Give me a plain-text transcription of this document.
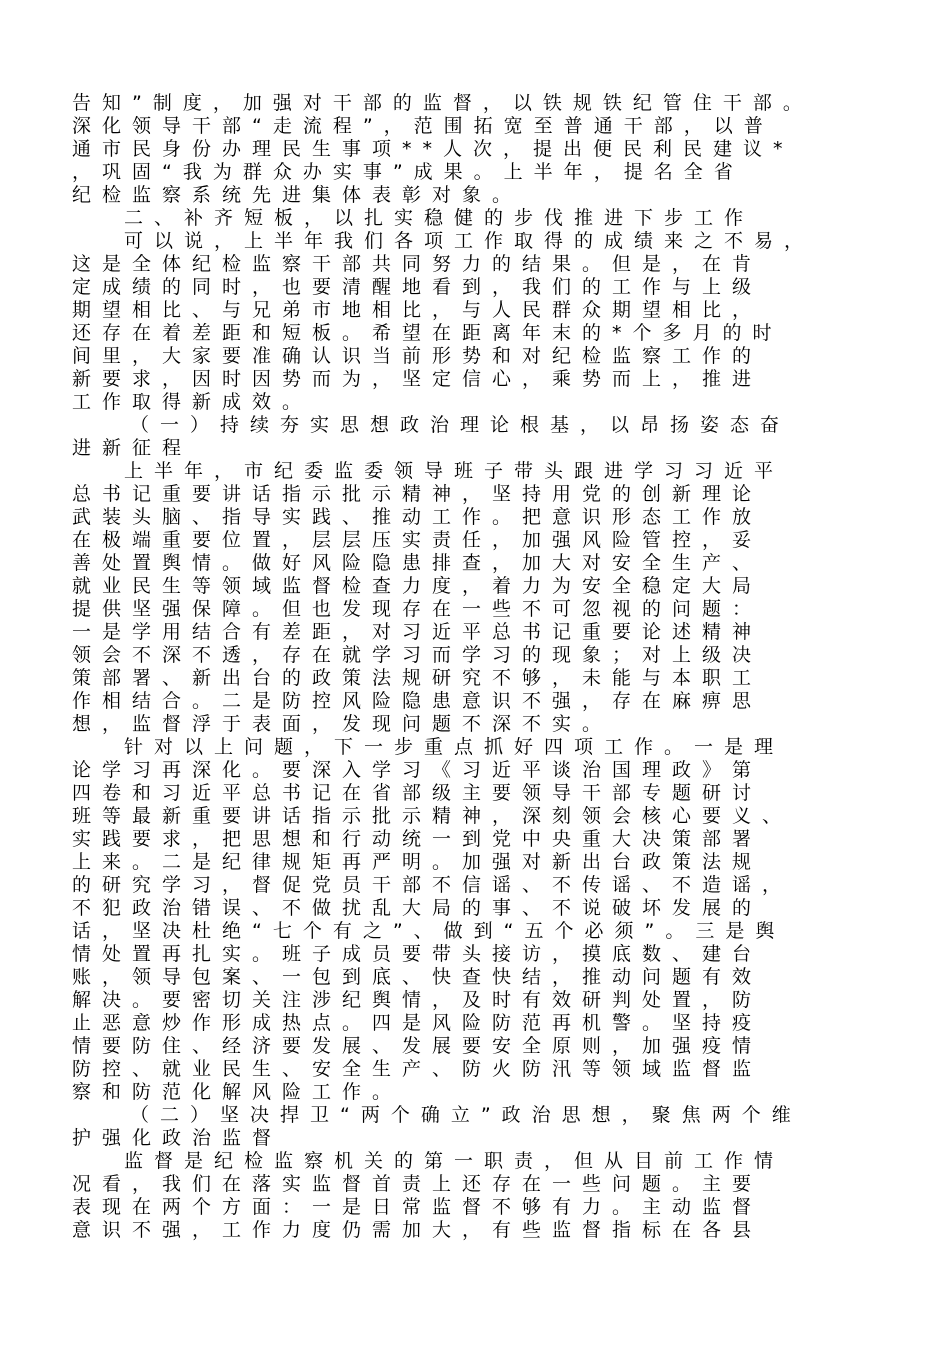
告知”制度，加强对干部的监督，以铁规铁纪管住干部。
深化领导干部“走流程”，范围拓宽至普通干部，以普
通市民身份办理民生事项**人次，提出便民利民建议*
，巩固“我为群众办实事”成果。上半年，提名全省
纪检监察系统先进集体表彰对象。
二、补齐短板，以扎实稳健的步伐推进下步工作
可以说，上半年我们各项工作取得的成绩来之不易，
这是全体纪检监察干部共同努力的结果。但是，在肯
定成绩的同时，也要清醒地看到，我们的工作与上级
期望相比、与兄弟市地相比，与人民群众期望相比，
还存在着差距和短板。希望在距离年末的*个多月的时
间里，大家要准确认识当前形势和对纪检监察工作的
新要求，因时因势而为，坚定信心，乘势而上，推进
工作取得新成效。
（一）持续夯实思想政治理论根基，以昂扬姿态奋
进新征程
上半年，市纪委监委领导班子带头跟进学习习近平
总书记重要讲话指示批示精神，坚持用党的创新理论
武装头脑、指导实践、推动工作。把意识形态工作放
在极端重要位置，层层压实责任，加强风险管控，妥
善处置舆情。做好风险隐患排查，加大对安全生产、
就业民生等领域监督检查力度，着力为安全稳定大局
提供坚强保障。但也发现存在一些不可忽视的问题：
一是学用结合有差距，对习近平总书记重要论述精神
领会不深不透，存在就学习而学习的现象；对上级决
策部署、新出台的政策法规研究不够，未能与本职工
作相结合。二是防控风险隐患意识不强，存在麻痹思
想，监督浮于表面，发现问题不深不实。
针对以上问题，下一步重点抓好四项工作。一是理
论学习再深化。要深入学习《习近平谈治国理政》第
四卷和习近平总书记在省部级主要领导干部专题研讨
班等最新重要讲话指示批示精神，深刻领会核心要义、
实践要求，把思想和行动统一到党中央重大决策部署
上来。二是纪律规矩再严明。加强对新出台政策法规
的研究学习，督促党员干部不信谣、不传谣、不造谣，
不犯政治错误、不做扰乱大局的事、不说破坏发展的
话，坚决杜绝“七个有之”、做到“五个必须”。三是舆
情处置再扎实。班子成员要带头接访，摸底数、建台
账，领导包案、一包到底、快查快结，推动问题有效
解决。要密切关注涉纪舆情，及时有效研判处置，防
止恶意炒作形成热点。四是风险防范再机警。坚持疫
情要防住、经济要发展、发展要安全原则，加强疫情
防控、就业民生、安全生产、防火防汛等领域监督监
察和防范化解风险工作。
（二）坚决捍卫“两个确立”政治思想，聚焦两个维
护强化政治监督
监督是纪检监察机关的第一职责，但从目前工作情
况看，我们在落实监督首责上还存在一些问题。主要
表现在两个方面：一是日常监督不够有力。主动监督
意识不强，工作力度仍需加大，有些监督指标在各县
